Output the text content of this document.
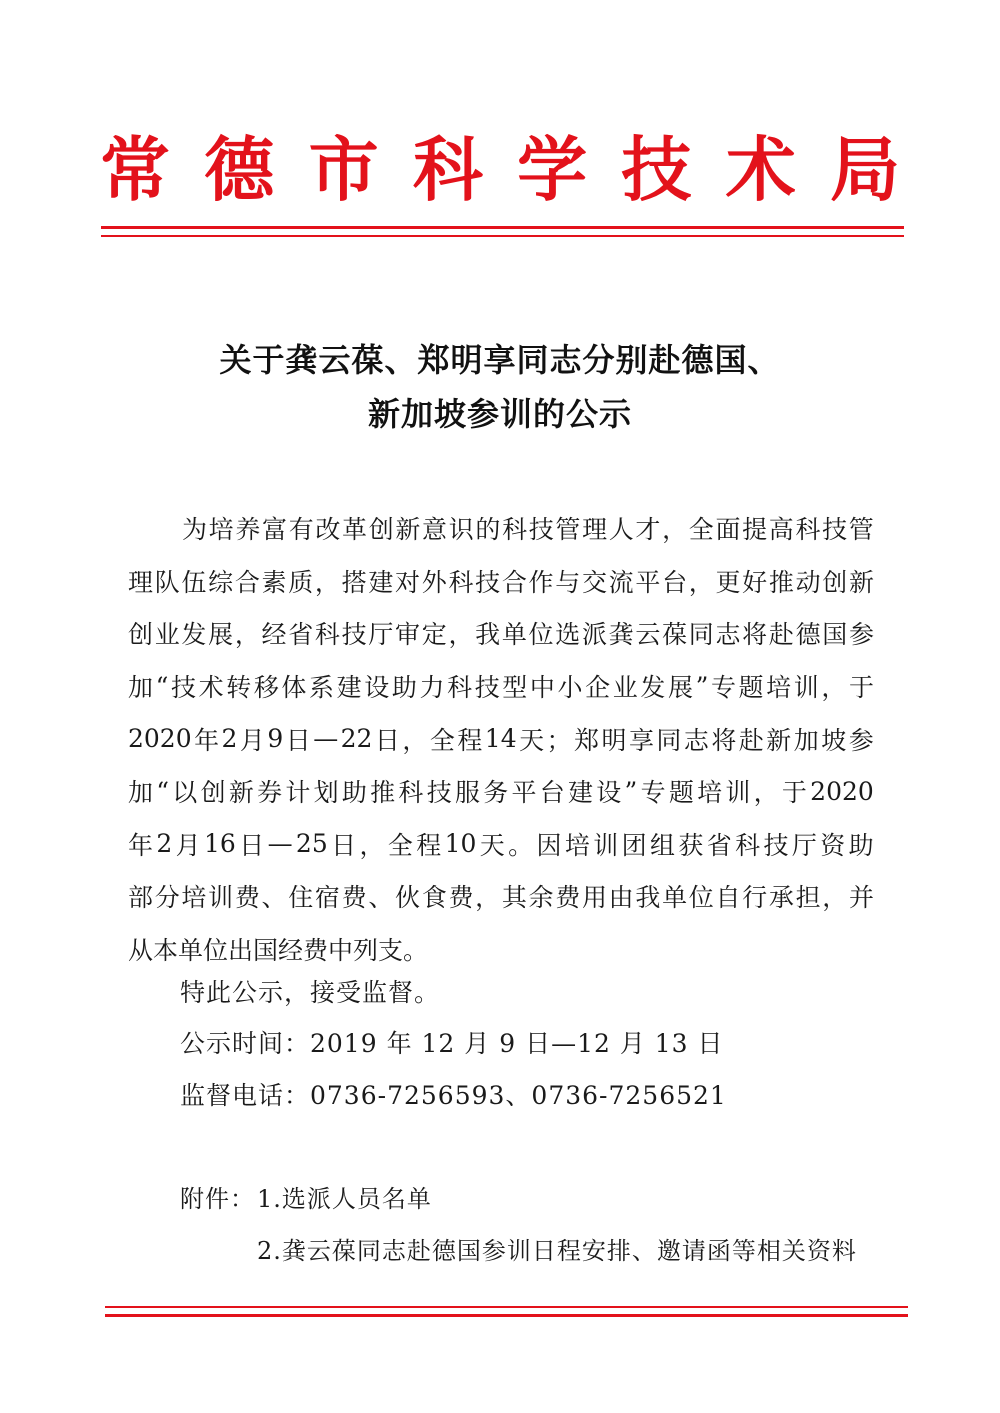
常 德 市 科 学 技 术 局
关于龚云葆、郑明享同志分别赴德国、
新加坡参训的公示
为 培 养 富 有 改 革 创 新 意 识 的 科 技 管 理 人 才 ， 全 面 提 高 科 技 管
理 队 伍 综 合 素 质 ， 搭 建 对 外 科 技 合 作 与 交 流 平 台 ， 更 好 推 动 创 新
创 业 发 展 ， 经 省 科 技 厅 审 定 ， 我 单 位 选 派 龚 云 葆 同 志 将 赴 德 国 参
加 “ 技 术 转 移 体 系 建 设 助 力 科 技 型 中 小 企 业 发 展 ” 专 题 培 训 ， 于
2020 年 2 月 9 日 — 22 日 ， 全 程 14 天 ； 郑 明 享 同 志 将 赴 新 加 坡 参
加 “ 以 创 新 券 计 划 助 推 科 技 服 务 平 台 建 设 ” 专 题 培 训 ， 于 2020
年 2 月 16 日 — 25 日 ， 全 程 10 天 。 因 培 训 团 组 获 省 科 技 厅 资 助
部 分 培 训 费 、 住 宿 费 、 伙 食 费 ， 其 余 费 用 由 我 单 位 自 行 承 担 ， 并
从本单位出国经费中列支。
特此公示，接受监督。
公示时间：2019 年 12 月 9 日—12 月 13 日
监督电话：0736-7256593、0736-7256521
附件： 1.选派人员名单
2.龚云葆同志赴德国参训日程安排、邀请函等相关资料
